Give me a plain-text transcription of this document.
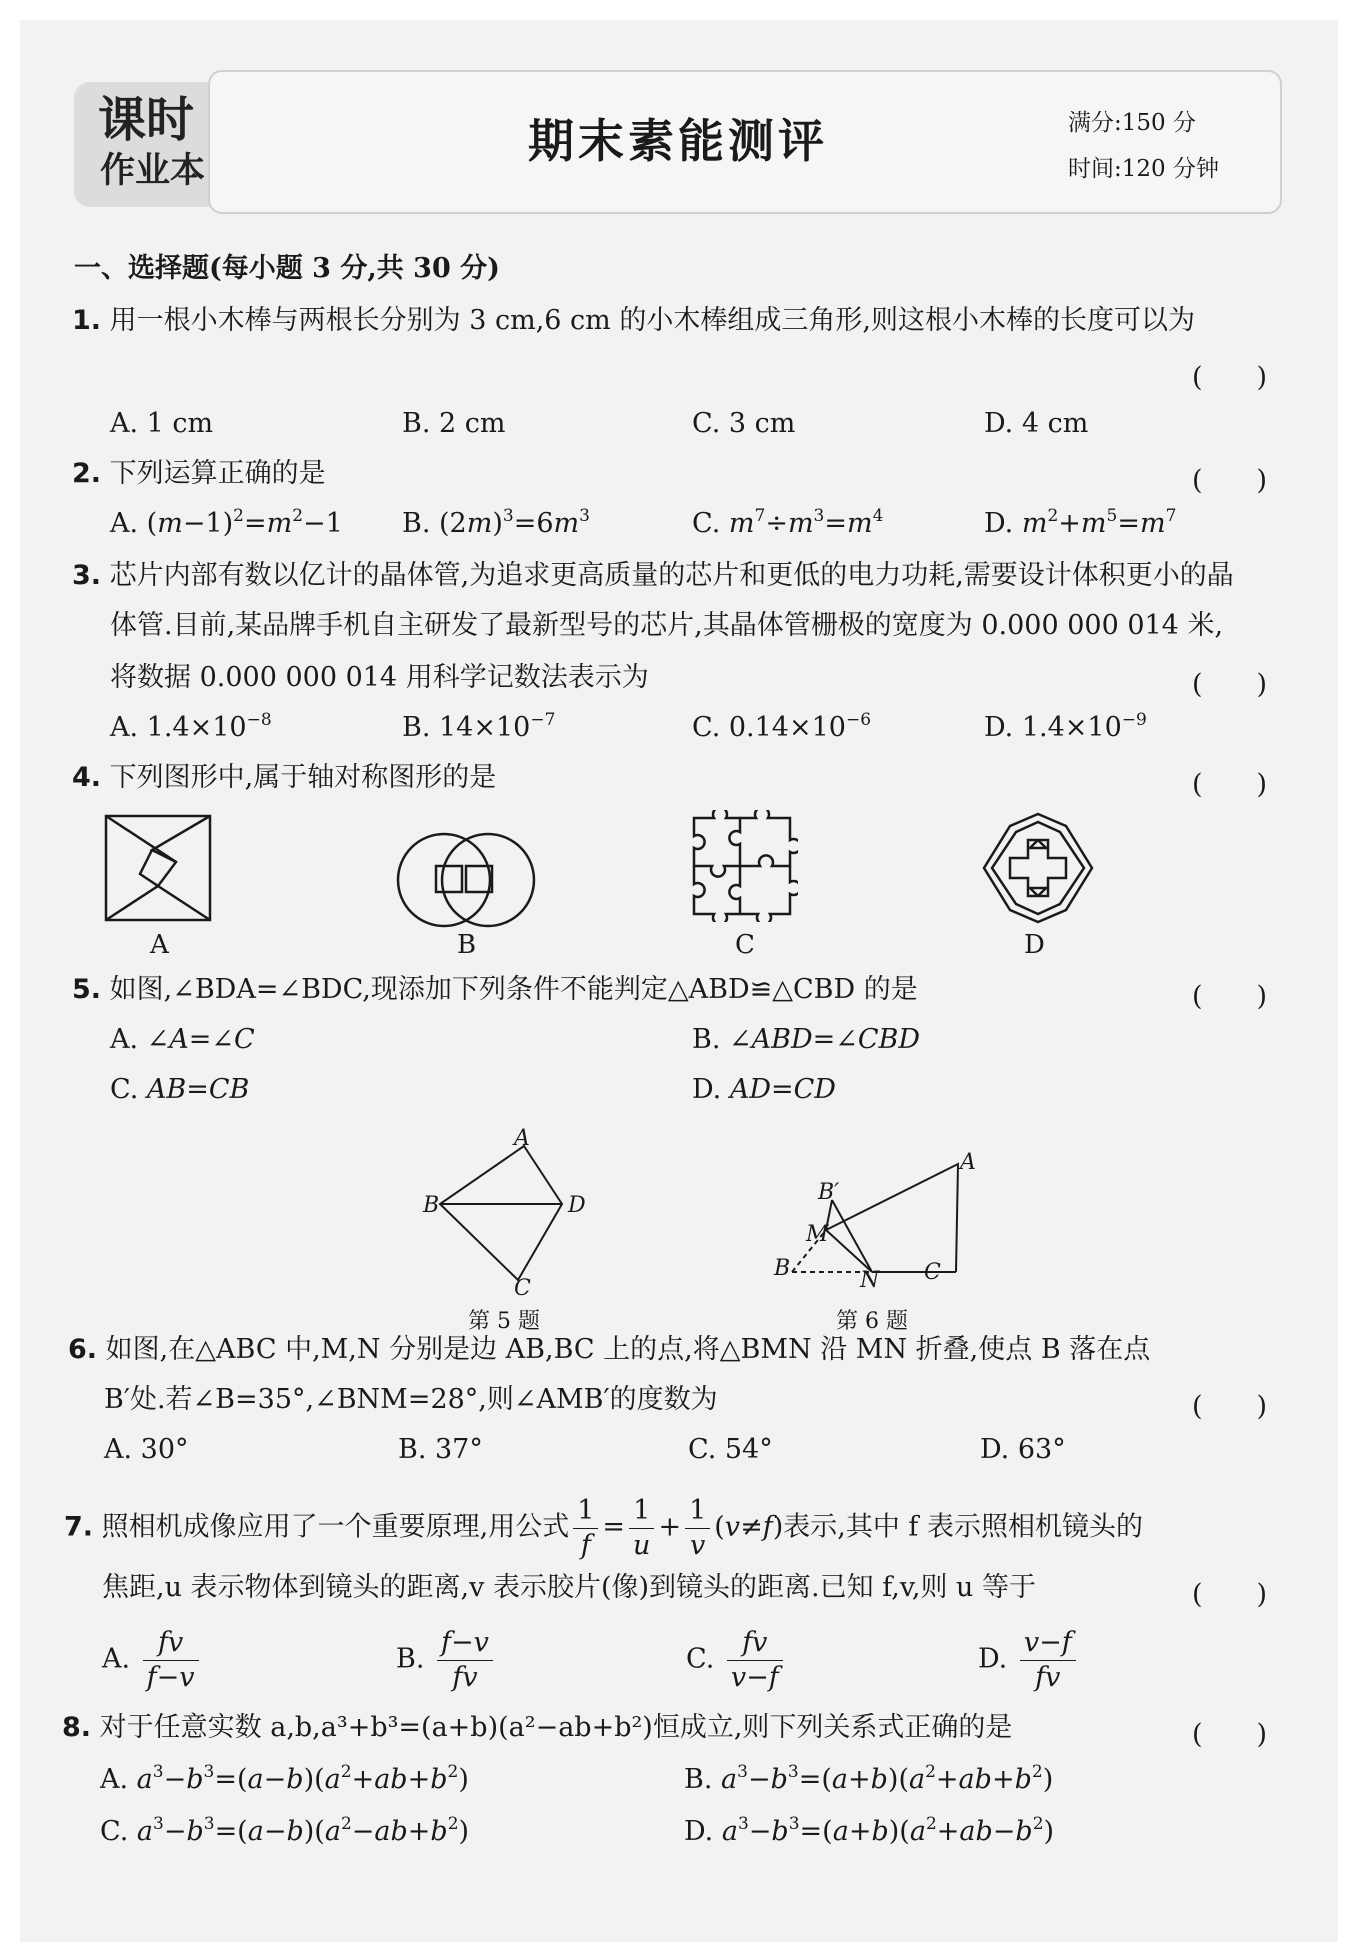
课时
作业本
期末素能测评	满分:150 分
时间:120 分钟
一、选择题(每小题 3 分,共 30 分)
1. 用一根小木棒与两根长分别为 3 cm,6 cm 的小木棒组成三角形,则这根小木棒的长度可以为
(　　)
A. 1 cm	B. 2 cm	C. 3 cm	D. 4 cm
2. 下列运算正确的是	(　　)
A. $(m-1)^2=m^2-1$ B. $(2m)^3=6m^3$	C. $m^7\div m^3=m^4$	D. $m^2+m^5=m^7$
3. 芯片内部有数以亿计的晶体管,为追求更高质量的芯片和更低的电力功耗,需要设计体积更小的晶
体管.目前,某品牌手机自主研发了最新型号的芯片,其晶体管栅极的宽度为 0.000 000 014 米,
将数据 0.000 000 014 用科学记数法表示为	(　　)
A. $1.4\times 10^{-8}$	B. $14\times 10^{-7}$	C. $0.14\times 10^{-6}$	D. $1.4\times 10^{-9}$
4. 下列图形中,属于轴对称图形的是	(　　)
A	B	C	D
5. 如图,∠BDA=∠BDC,现添加下列条件不能判定△ABD≌△CBD 的是	(　　)
A. ∠A=∠C	B. ∠ABD=∠CBD
C. AB=CB	D. AD=CD
A
B	D
C
第 5 题
A
B′
M
B	N C
第 6 题
6. 如图,在△ABC 中,M,N 分别是边 AB,BC 上的点,将△BMN 沿 MN 折叠,使点 B 落在点
B′处.若∠B=35°,∠BNM=28°,则∠AMB′的度数为	(　　)
A. 30°	B. 37°	C. 54°	D. 63°
7. 照相机成像应用了一个重要原理,用公式 $\frac{1}{f} = \frac{1}{u} + \frac{1}{v} (v\ne f)$表示,其中 f 表示照相机镜头的
焦距,u 表示物体到镜头的距离,v 表示胶片(像)到镜头的距离.已知 f,v,则 u 等于	(　　)
A. $\frac{fv}{f-v}$	B. $\frac{f-v}{fv}$	C. $\frac{fv}{v-f}$	D. $\frac{v-f}{fv}$
8. 对于任意实数 a,b,a³+b³=(a+b)(a²−ab+b²)恒成立,则下列关系式正确的是	(　　)
A. $a^3-b^3=(a-b)(a^2+ab+b^2)$	B. $a^3-b^3=(a+b)(a^2+ab+b^2)$
C. $a^3-b^3=(a-b)(a^2-ab+b^2)$	D. $a^3-b^3=(a+b)(a^2+ab-b^2)$
